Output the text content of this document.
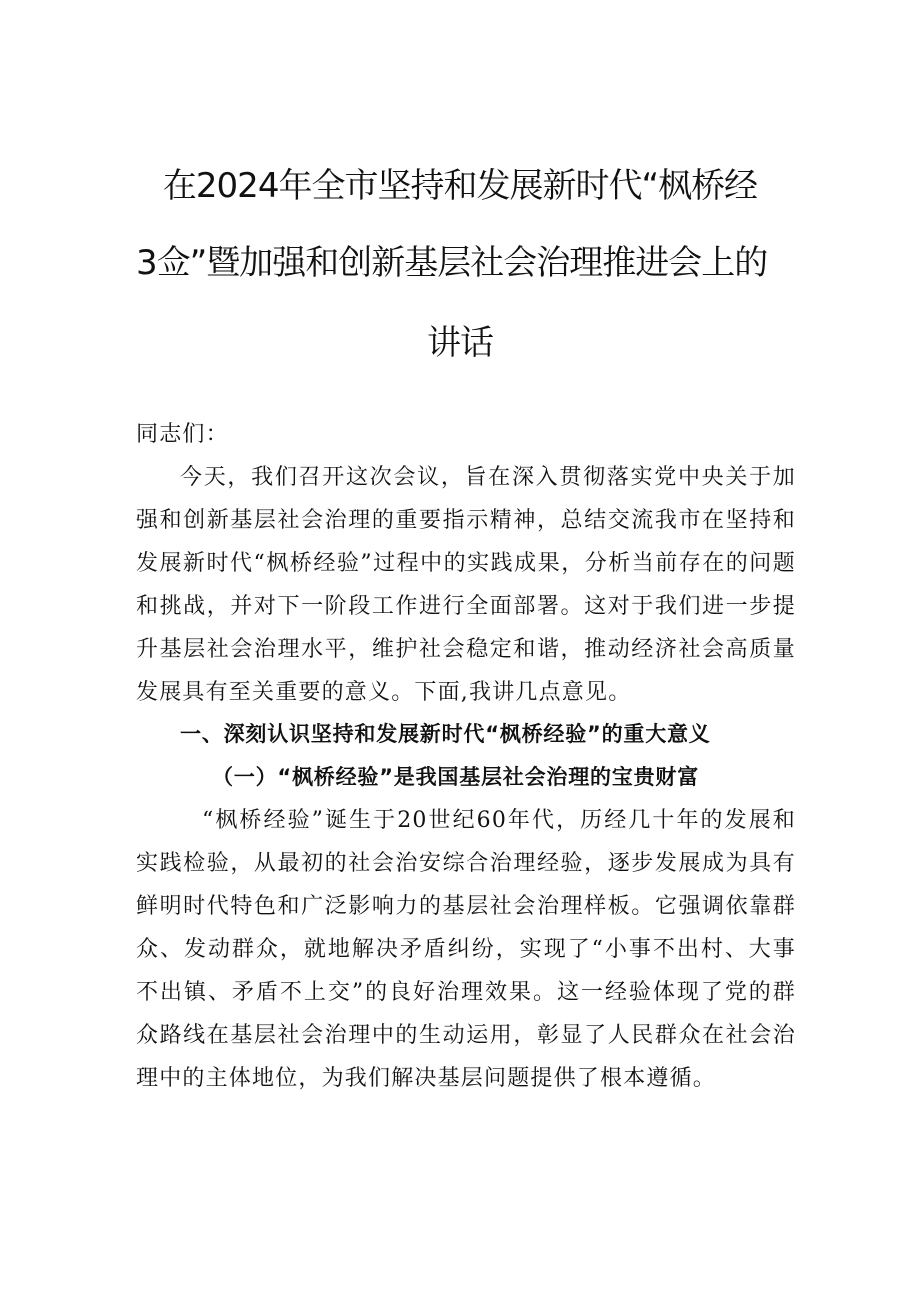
在2024年全市坚持和发展新时代“枫桥经
3佥”暨加强和创新基层社会治理推进会上的
讲话
同志们：
今天，我们召开这次会议，旨在深入贯彻落实党中央关于加强和创新基层社会治理的重要指示精神，总结交流我市在坚持和发展新时代“枫桥经验”过程中的实践成果，分析当前存在的问题和挑战，并对下一阶段工作进行全面部署。这对于我们进一步提升基层社会治理水平，维护社会稳定和谐，推动经济社会高质量发展具有至关重要的意义。下面,我讲几点意见。
一、深刻认识坚持和发展新时代“枫桥经验”的重大意义
（一）“枫桥经验”是我国基层社会治理的宝贵财富
“枫桥经验”诞生于20世纪60年代，历经几十年的发展和实践检验，从最初的社会治安综合治理经验，逐步发展成为具有鲜明时代特色和广泛影响力的基层社会治理样板。它强调依靠群众、发动群众，就地解决矛盾纠纷，实现了“小事不出村、大事不出镇、矛盾不上交”的良好治理效果。这一经验体现了党的群众路线在基层社会治理中的生动运用，彰显了人民群众在社会治理中的主体地位，为我们解决基层问题提供了根本遵循。
